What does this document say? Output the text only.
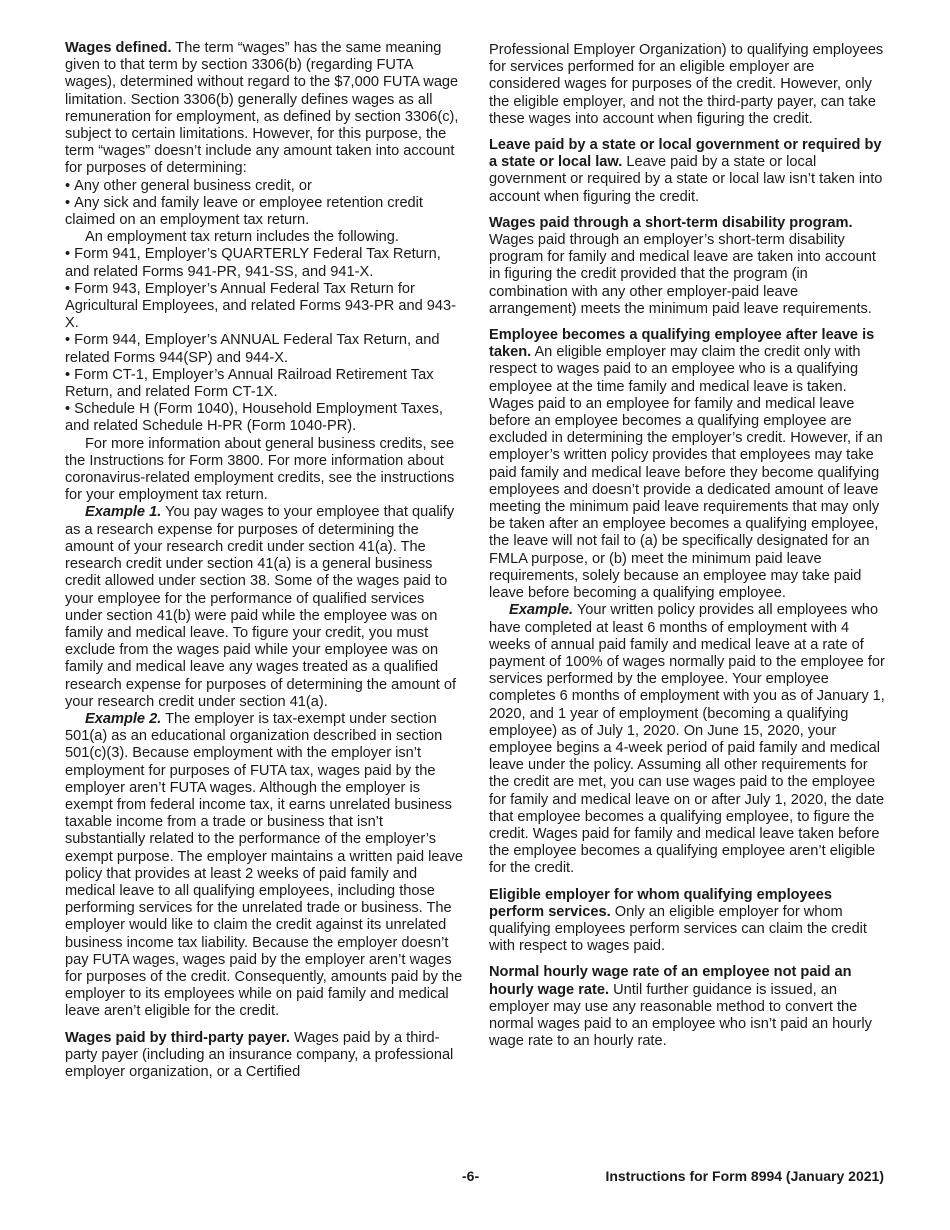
Wages defined. The term “wages” has the same meaning given to that term by section 3306(b) (regarding FUTA wages), determined without regard to the $7,000 FUTA wage limitation. Section 3306(b) generally defines wages as all remuneration for employment, as defined by section 3306(c), subject to certain limitations. However, for this purpose, the term “wages” doesn’t include any amount taken into account for purposes of determining:

• Any other general business credit, or

• Any sick and family leave or employee retention credit claimed on an employment tax return.

An employment tax return includes the following.

• Form 941, Employer’s QUARTERLY Federal Tax Return, and related Forms 941-PR, 941-SS, and 941-X.

• Form 943, Employer’s Annual Federal Tax Return for Agricultural Employees, and related Forms 943-PR and 943-X.

• Form 944, Employer’s ANNUAL Federal Tax Return, and related Forms 944(SP) and 944-X.

• Form CT-1, Employer’s Annual Railroad Retirement Tax Return, and related Form CT-1X.

• Schedule H (Form 1040), Household Employment Taxes, and related Schedule H-PR (Form 1040-PR).

For more information about general business credits, see the Instructions for Form 3800. For more information about coronavirus-related employment credits, see the instructions for your employment tax return.

Example 1. You pay wages to your employee that qualify as a research expense for purposes of determining the amount of your research credit under section 41(a). The research credit under section 41(a) is a general business credit allowed under section 38. Some of the wages paid to your employee for the performance of qualified services under section 41(b) were paid while the employee was on family and medical leave. To figure your credit, you must exclude from the wages paid while your employee was on family and medical leave any wages treated as a qualified research expense for purposes of determining the amount of your research credit under section 41(a).

Example 2. The employer is tax-exempt under section 501(a) as an educational organization described in section 501(c)(3). Because employment with the employer isn’t employment for purposes of FUTA tax, wages paid by the employer aren’t FUTA wages. Although the employer is exempt from federal income tax, it earns unrelated business taxable income from a trade or business that isn’t substantially related to the performance of the employer’s exempt purpose. The employer maintains a written paid leave policy that provides at least 2 weeks of paid family and medical leave to all qualifying employees, including those performing services for the unrelated trade or business. The employer would like to claim the credit against its unrelated business income tax liability. Because the employer doesn’t pay FUTA wages, wages paid by the employer aren’t wages for purposes of the credit. Consequently, amounts paid by the employer to its employees while on paid family and medical leave aren’t eligible for the credit.

Wages paid by third-party payer. Wages paid by a third-party payer (including an insurance company, a professional employer organization, or a Certified

Professional Employer Organization) to qualifying employees for services performed for an eligible employer are considered wages for purposes of the credit. However, only the eligible employer, and not the third-party payer, can take these wages into account when figuring the credit.

Leave paid by a state or local government or required by a state or local law. Leave paid by a state or local government or required by a state or local law isn’t taken into account when figuring the credit.

Wages paid through a short-term disability program. Wages paid through an employer’s short-term disability program for family and medical leave are taken into account in figuring the credit provided that the program (in combination with any other employer-paid leave arrangement) meets the minimum paid leave requirements.

Employee becomes a qualifying employee after leave is taken. An eligible employer may claim the credit only with respect to wages paid to an employee who is a qualifying employee at the time family and medical leave is taken. Wages paid to an employee for family and medical leave before an employee becomes a qualifying employee are excluded in determining the employer’s credit. However, if an employer’s written policy provides that employees may take paid family and medical leave before they become qualifying employees and doesn’t provide a dedicated amount of leave meeting the minimum paid leave requirements that may only be taken after an employee becomes a qualifying employee, the leave will not fail to (a) be specifically designated for an FMLA purpose, or (b) meet the minimum paid leave requirements, solely because an employee may take paid leave before becoming a qualifying employee.

Example. Your written policy provides all employees who have completed at least 6 months of employment with 4 weeks of annual paid family and medical leave at a rate of payment of 100% of wages normally paid to the employee for services performed by the employee. Your employee completes 6 months of employment with you as of January 1, 2020, and 1 year of employment (becoming a qualifying employee) as of July 1, 2020. On June 15, 2020, your employee begins a 4-week period of paid family and medical leave under the policy. Assuming all other requirements for the credit are met, you can use wages paid to the employee for family and medical leave on or after July 1, 2020, the date that employee becomes a qualifying employee, to figure the credit. Wages paid for family and medical leave taken before the employee becomes a qualifying employee aren’t eligible for the credit.

Eligible employer for whom qualifying employees perform services. Only an eligible employer for whom qualifying employees perform services can claim the credit with respect to wages paid.

Normal hourly wage rate of an employee not paid an hourly wage rate. Until further guidance is issued, an employer may use any reasonable method to convert the normal wages paid to an employee who isn’t paid an hourly wage rate to an hourly rate.

-6-	Instructions for Form 8994 (January 2021)
